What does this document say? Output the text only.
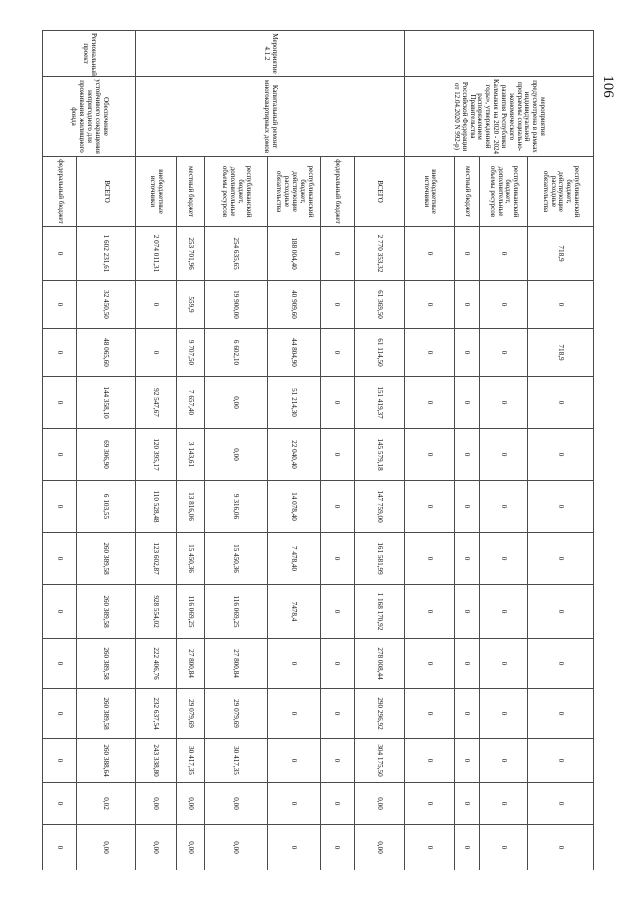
106
	мероприятия предусмотрена в рамках индивидуальной программы социально-экономического развития Республики Калмыкия на 2020 - 2024 годы», утвержденной распоряжением Правительства Российской Федерации от 12.04.2020 N 992-р)	республиканский бюджет, действующие расходные обязательства	718,9	0	718,9	0	0	0	0	0	0	0	0	0	0
		республиканский бюджет, дополнительные объемы ресурсов	0	0	0	0	0	0	0	0	0	0	0	0	0
		местный бюджет	0	0	0	0	0	0	0	0	0	0	0	0	0
		внебюджетные источники	0	0	0	0	0	0	0	0	0	0	0	0	0
Мероприятие 4.1.2	Капитальный ремонт многоквартирных домов	ВСЕГО	2 770 353,32	61 369,50	61 114,50	151 419,37	145 579,18	147 759,00	161 581,99	1 168 170,92	278 008,44	290 296,92	304 175,50	0,00	0,00
		федеральный бюджет	0	0	0	0	0	0	0	0	0	0	0	0	0
		республиканский бюджет, действующие расходные обязательства	188 004,40	40 909,60	44 804,90	51 214,30	22 040,40	14 078,40	7 478,40	7478,4	0	0	0	0	0
		республиканский бюджет, дополнительные объемы ресурсов	254 635,65	19 900,00	6 602,10	0,00	0,00	9 316,06	15 450,36	116 069,25	27 800,84	29 079,69	30 417,35	0,00	0,00
		местный бюджет	253 701,96	559,9	9 707,50	7 657,40	3 143,61	13 816,06	15 450,36	116 069,25	27 800,84	29 079,69	30 417,35	0,00	0,00
		внебюджетные источники	2 074 011,31	0	0	92 547,67	120 395,17	110 528,48	123 602,87	928 554,02	222 406,76	232 637,54	243 338,80	0,00	0,00
Региональный проект	Обеспечение устойчивого сокращения непригодного для проживания жилищного фонда	ВСЕГО	1 602 231,61	32 450,50	48 065,60	144 358,10	69 306,90	6 103,55	260 389,58	260 389,58	260 389,58	260 389,58	260 388,64	0,02	0,00
		федеральный бюджет	0	0	0	0	0	0	0	0	0	0	0	0	0
